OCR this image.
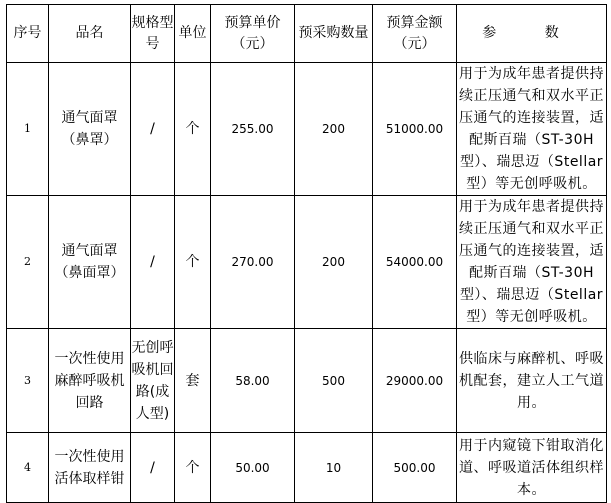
序号	品名	规格型号	单位	预算单价（元）	预采购数量	预算金额（元）	参 数
1	通气面罩（鼻罩）	/	个	255.00	200	51000.00	用于为成年患者提供持续正压通气和双水平正压通气的连接装置，适配斯百瑞（ST-30H型）、瑞思迈（Stellar型）等无创呼吸机。
2	通气面罩（鼻面罩）	/	个	270.00	200	54000.00	用于为成年患者提供持续正压通气和双水平正压通气的连接装置，适配斯百瑞（ST-30H型）、瑞思迈（Stellar型）等无创呼吸机。
3	一次性使用麻醉呼吸机回路	无创呼吸机回路(成人型)	套	58.00	500	29000.00	供临床与麻醉机、呼吸机配套，建立人工气道用。
4	一次性使用活体取样钳	/	个	50.00	10	500.00	用于内窥镜下钳取消化道、呼吸道活体组织样本。
